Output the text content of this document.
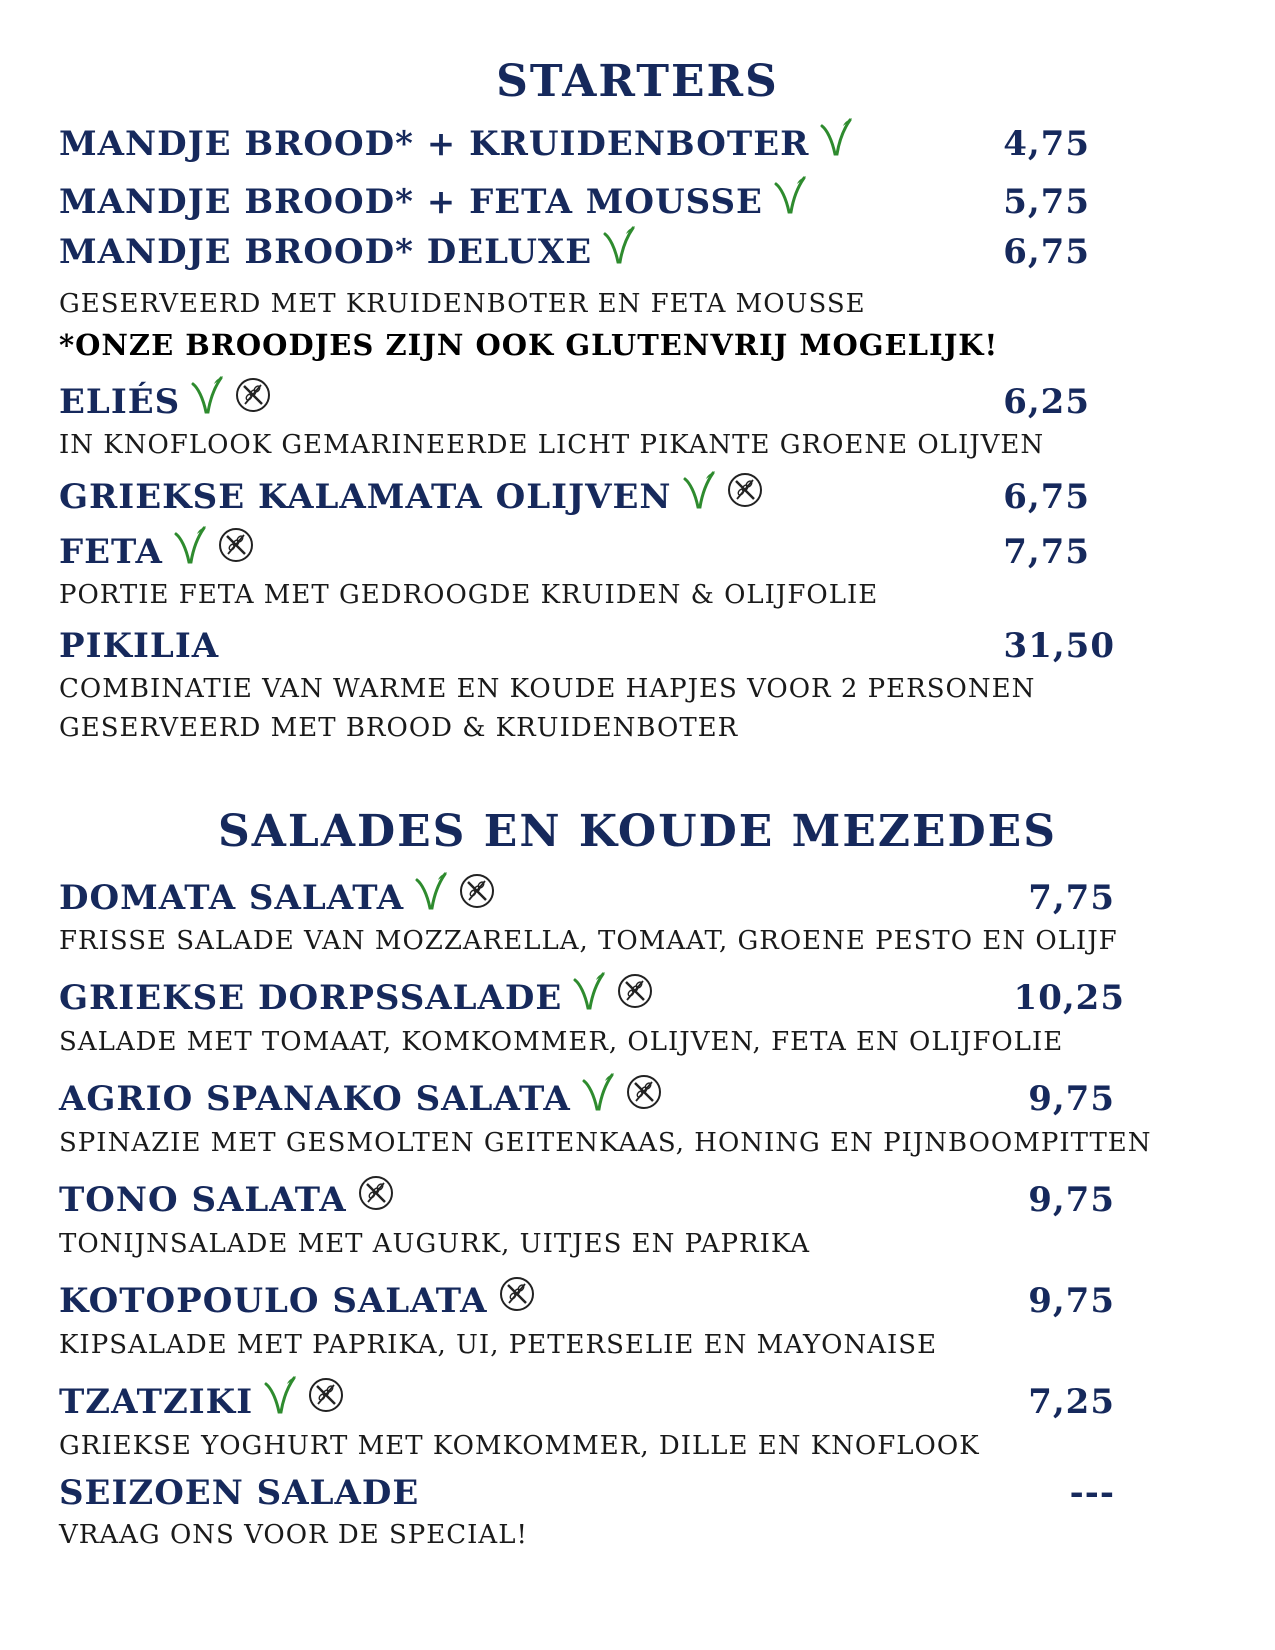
STARTERS
MANDJE BROOD* + KRUIDENBOTER	4,75
MANDJE BROOD* + FETA MOUSSE	5,75
MANDJE BROOD* DELUXE	6,75
GESERVEERD MET KRUIDENBOTER EN FETA MOUSSE
*ONZE BROODJES ZIJN OOK GLUTENVRIJ MOGELIJK!
ELIÉS	6,25
IN KNOFLOOK GEMARINEERDE LICHT PIKANTE GROENE OLIJVEN
GRIEKSE KALAMATA OLIJVEN	6,75
FETA	7,75
PORTIE FETA MET GEDROOGDE KRUIDEN & OLIJFOLIE
PIKILIA	31,50
COMBINATIE VAN WARME EN KOUDE HAPJES VOOR 2 PERSONEN
GESERVEERD MET BROOD & KRUIDENBOTER
SALADES EN KOUDE MEZEDES
DOMATA SALATA	7,75
FRISSE SALADE VAN MOZZARELLA, TOMAAT, GROENE PESTO EN OLIJF
GRIEKSE DORPSSALADE	10,25
SALADE MET TOMAAT, KOMKOMMER, OLIJVEN, FETA EN OLIJFOLIE
AGRIO SPANAKO SALATA	9,75
SPINAZIE MET GESMOLTEN GEITENKAAS, HONING EN PIJNBOOMPITTEN
TONO SALATA	9,75
TONIJNSALADE MET AUGURK, UITJES EN PAPRIKA
KOTOPOULO SALATA	9,75
KIPSALADE MET PAPRIKA, UI, PETERSELIE EN MAYONAISE
TZATZIKI	7,25
GRIEKSE YOGHURT MET KOMKOMMER, DILLE EN KNOFLOOK
SEIZOEN SALADE	---
VRAAG ONS VOOR DE SPECIAL!
